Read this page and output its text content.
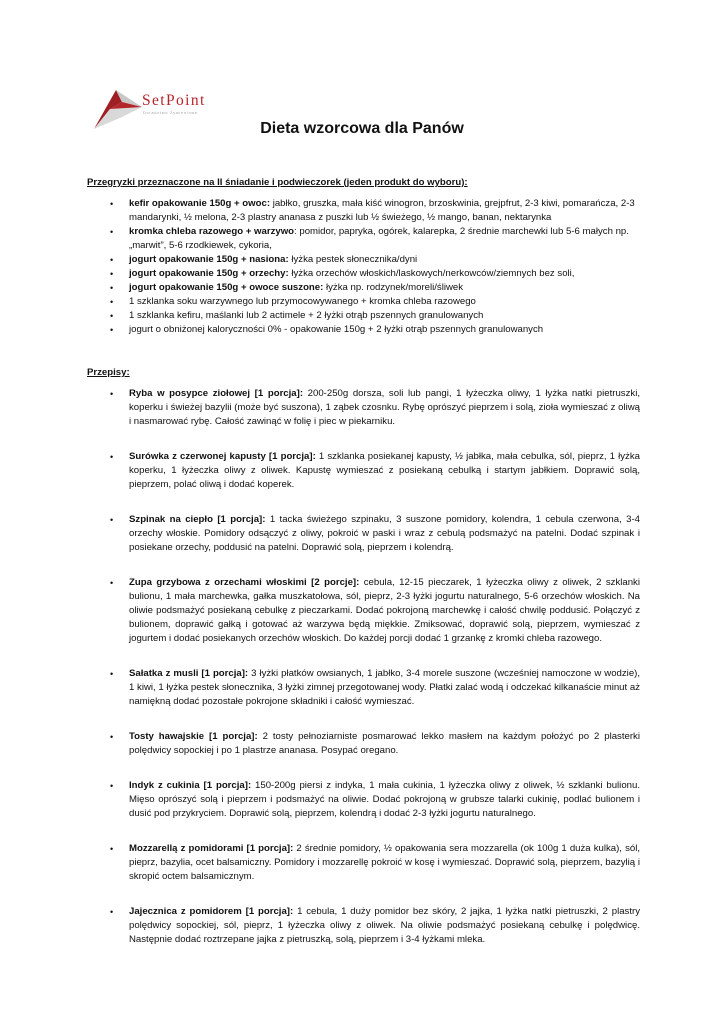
SetPoint
Doradztwo Żywieniowe
Dieta wzorcowa dla Panów

Przegryzki przeznaczone na II śniadanie i podwieczorek (jeden produkt do wyboru):

• kefir opakowanie 150g + owoc: jabłko, gruszka, mała kiść winogron, brzoskwinia, grejpfrut, 2-3 kiwi, pomarańcza, 2-3 mandarynki, ½ melona, 2-3 plastry ananasa z puszki lub ½ świeżego, ½ mango, banan, nektarynka
• kromka chleba razowego + warzywo: pomidor, papryka, ogórek, kalarepka, 2 średnie marchewki lub 5-6 małych np. „marwit”, 5-6 rzodkiewek, cykoria,
• jogurt opakowanie 150g + nasiona: łyżka pestek słonecznika/dyni
• jogurt opakowanie 150g + orzechy: łyżka orzechów włoskich/laskowych/nerkowców/ziemnych bez soli,
• jogurt opakowanie 150g + owoce suszone: łyżka np. rodzynek/moreli/śliwek
• 1 szklanka soku warzywnego lub przymocowywanego + kromka chleba razowego
• 1 szklanka kefiru, maślanki lub 2 actimele + 2 łyżki otrąb pszennych granulowanych
• jogurt o obniżonej kaloryczności 0% - opakowanie 150g + 2 łyżki otrąb pszennych granulowanych

Przepisy:

• Ryba w posypce ziołowej [1 porcja]: 200-250g dorsza, soli lub pangi, 1 łyżeczka oliwy, 1 łyżka natki pietruszki, koperku i świeżej bazylii (może być suszona), 1 ząbek czosnku. Rybę oprószyć pieprzem i solą, zioła wymieszać z oliwą i nasmarować rybę. Całość zawinąć w folię i piec w piekarniku.
• Surówka z czerwonej kapusty [1 porcja]: 1 szklanka posiekanej kapusty, ½ jabłka, mała cebulka, sól, pieprz, 1 łyżka koperku, 1 łyżeczka oliwy z oliwek. Kapustę wymieszać z posiekaną cebulką i startym jabłkiem. Doprawić solą, pieprzem, polać oliwą i dodać koperek.
• Szpinak na ciepło [1 porcja]: 1 tacka świeżego szpinaku, 3 suszone pomidory, kolendra, 1 cebula czerwona, 3-4 orzechy włoskie. Pomidory odsączyć z oliwy, pokroić w paski i wraz z cebulą podsmażyć na patelni. Dodać szpinak i posiekane orzechy, poddusić na patelni. Doprawić solą, pieprzem i kolendrą.
• Zupa grzybowa z orzechami włoskimi [2 porcje]: cebula, 12-15 pieczarek, 1 łyżeczka oliwy z oliwek, 2 szklanki bulionu, 1 mała marchewka, gałka muszkatołowa, sól, pieprz, 2-3 łyżki jogurtu naturalnego, 5-6 orzechów włoskich. Na oliwie podsmażyć posiekaną cebulkę z pieczarkami. Dodać pokrojoną marchewkę i całość chwilę poddusić. Połączyć z bulionem, doprawić gałką i gotować aż warzywa będą miękkie. Zmiksować, doprawić solą, pieprzem, wymieszać z jogurtem i dodać posiekanych orzechów włoskich. Do każdej porcji dodać 1 grzankę z kromki chleba razowego.
• Sałatka z musli [1 porcja]: 3 łyżki płatków owsianych, 1 jabłko, 3-4 morele suszone (wcześniej namoczone w wodzie), 1 kiwi, 1 łyżka pestek słonecznika, 3 łyżki zimnej przegotowanej wody. Płatki zalać wodą i odczekać kilkanaście minut aż namiękną dodać pozostałe pokrojone składniki i całość wymieszać.
• Tosty hawajskie [1 porcja]: 2 tosty pełnoziarniste posmarować lekko masłem na każdym położyć po 2 plasterki polędwicy sopockiej i po 1 plastrze ananasa. Posypać oregano.
• Indyk z cukinia [1 porcja]: 150-200g piersi z indyka, 1 mała cukinia, 1 łyżeczka oliwy z oliwek, ½ szklanki bulionu. Mięso oprószyć solą i pieprzem i podsmażyć na oliwie. Dodać pokrojoną w grubsze talarki cukinię, podlać bulionem i dusić pod przykryciem. Doprawić solą, pieprzem, kolendrą i dodać 2-3 łyżki jogurtu naturalnego.
• Mozzarellą z pomidorami [1 porcja]: 2 średnie pomidory, ½ opakowania sera mozzarella (ok 100g 1 duża kulka), sól, pieprz, bazylia, ocet balsamiczny. Pomidory i mozzarellę pokroić w kosę i wymieszać. Doprawić solą, pieprzem, bazylią i skropić octem balsamicznym.
• Jajecznica z pomidorem [1 porcja]: 1 cebula, 1 duży pomidor bez skóry, 2 jajka, 1 łyżka natki pietruszki, 2 plastry polędwicy sopockiej, sól, pieprz, 1 łyżeczka oliwy z oliwek. Na oliwie podsmażyć posiekaną cebulkę i polędwicę. Następnie dodać roztrzepane jajka z pietruszką, solą, pieprzem i 3-4 łyżkami mleka.
